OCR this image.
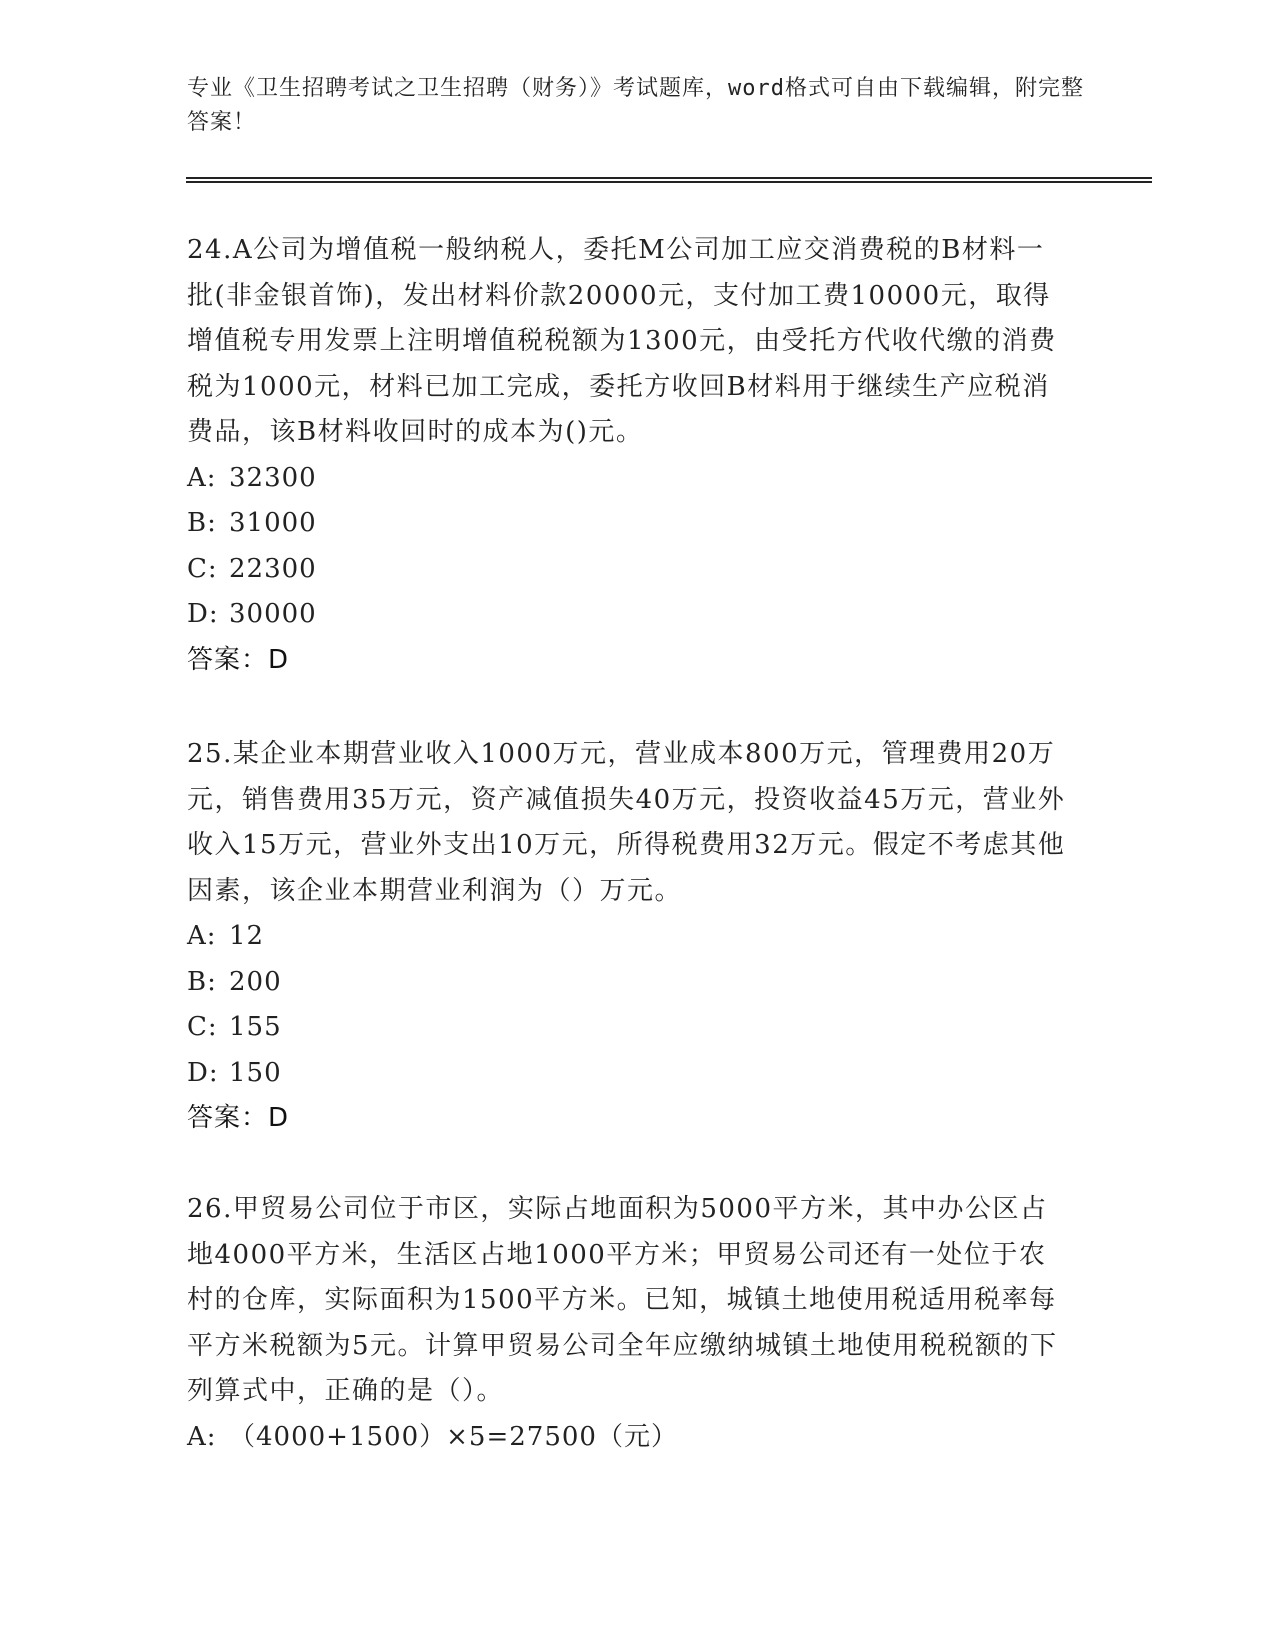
专业《卫生招聘考试之卫生招聘（财务）》考试题库，word格式可自由下载编辑，附完整答案！

24.A公司为增值税一般纳税人，委托M公司加工应交消费税的B材料一批(非金银首饰)，发出材料价款20000元，支付加工费10000元，取得增值税专用发票上注明增值税税额为1300元，由受托方代收代缴的消费税为1000元，材料已加工完成，委托方收回B材料用于继续生产应税消费品，该B材料收回时的成本为()元。

A: 32300

B: 31000

C: 22300

D: 30000

答案：D

25.某企业本期营业收入1000万元，营业成本800万元，管理费用20万元，销售费用35万元，资产减值损失40万元，投资收益45万元，营业外收入15万元，营业外支出10万元，所得税费用32万元。假定不考虑其他因素，该企业本期营业利润为（）万元。

A: 12

B: 200

C: 155

D: 150

答案：D

26.甲贸易公司位于市区，实际占地面积为5000平方米，其中办公区占地4000平方米，生活区占地1000平方米；甲贸易公司还有一处位于农村的仓库，实际面积为1500平方米。已知，城镇土地使用税适用税率每平方米税额为5元。计算甲贸易公司全年应缴纳城镇土地使用税税额的下列算式中，正确的是（）。

A: （4000+1500）×5=27500（元）
